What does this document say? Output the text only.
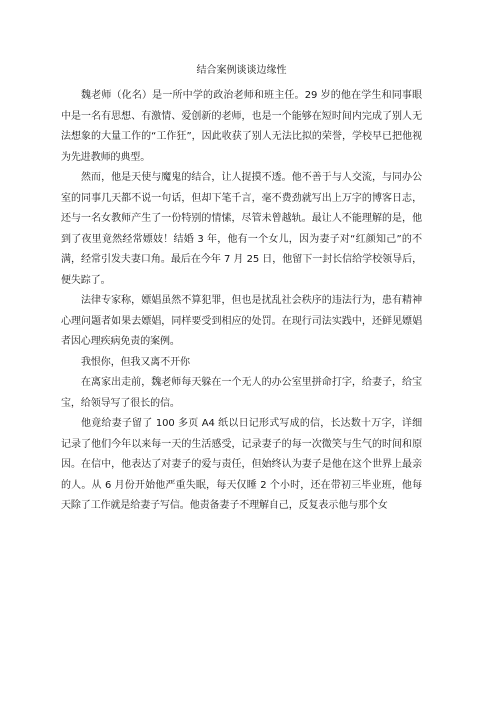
结合案例谈谈边缘性

魏老师（化名）是一所中学的政治老师和班主任。29 岁的他在学生和同事眼中是一名有思想、有激情、爱创新的老师，也是一个能够在短时间内完成了别人无法想象的大量工作的“工作狂”，因此收获了别人无法比拟的荣誉，学校早已把他视为先进教师的典型。

然而，他是天使与魔鬼的结合，让人捉摸不透。他不善于与人交流，与同办公室的同事几天都不说一句话，但却下笔千言，毫不费劲就写出上万字的博客日志，还与一名女教师产生了一份特别的情愫，尽管未曾越轨。最让人不能理解的是，他到了夜里竟然经常嫖妓！结婚 3 年，他有一个女儿，因为妻子对“红颜知己”的不满，经常引发夫妻口角。最后在今年 7 月 25 日，他留下一封长信给学校领导后，便失踪了。

法律专家称，嫖娼虽然不算犯罪，但也是扰乱社会秩序的违法行为，患有精神心理问题者如果去嫖娼，同样要受到相应的处罚。在现行司法实践中，还鲜见嫖娼者因心理疾病免责的案例。

我恨你，但我又离不开你

在离家出走前，魏老师每天躲在一个无人的办公室里拼命打字，给妻子，给宝宝，给领导写了很长的信。

他竟给妻子留了 100 多页 A4 纸以日记形式写成的信，长达数十万字，详细记录了他们今年以来每一天的生活感受，记录妻子的每一次微笑与生气的时间和原因。在信中，他表达了对妻子的爱与责任，但始终认为妻子是他在这个世界上最亲的人。从 6 月份开始他严重失眠，每天仅睡 2 个小时，还在带初三毕业班，他每天除了工作就是给妻子写信。他责备妻子不理解自己，反复表示他与那个女
